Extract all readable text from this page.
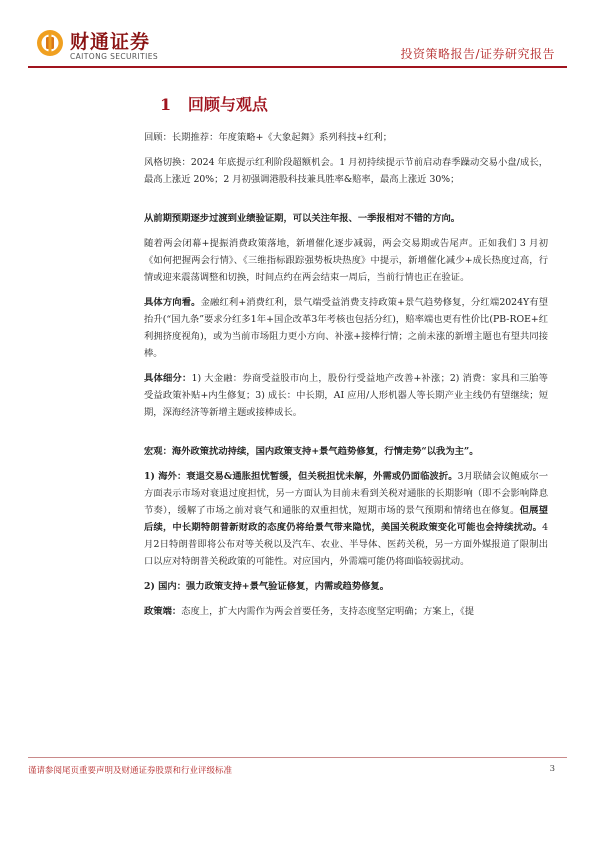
财通证券
CAITONG SECURITIES	投资策略报告/证券研究报告
1 回顾与观点

回顾：长期推荐：年度策略+《大象起舞》系列科技+红利；

风格切换：2024 年底提示红利阶段超额机会。1 月初持续提示节前启动春季躁动交易小盘/成长，最高上涨近 20%；2 月初强调港股科技兼具胜率&赔率，最高上涨近 30%；

从前期预期逐步过渡到业绩验证期，可以关注年报、一季报相对不错的方向。

随着两会闭幕+提振消费政策落地，新增催化逐步减弱，两会交易期或告尾声。正如我们 3 月初《如何把握两会行情》、《三维指标跟踪强势板块热度》中提示，新增催化减少+成长热度过高，行情或迎来震荡调整和切换，时间点约在两会结束一周后，当前行情也正在验证。

具体方向看。金融红利+消费红利，景气端受益消费支持政策+景气趋势修复，分红端2024Y有望抬升(“国九条”要求分红多1年+国企改革3年考核也包括分红)，赔率端也更有性价比(PB-ROE+红利拥挤度视角)，或为当前市场阻力更小方向、补涨+接棒行情；之前未涨的新增主题也有望共同接棒。

具体细分：1) 大金融：券商受益股市向上，股份行受益地产改善+补涨；2) 消费：家具和三胎等受益政策补贴+内生修复；3) 成长：中长期，AI 应用/人形机器人等长期产业主线仍有望继续；短期，深海经济等新增主题或接棒成长。

宏观：海外政策扰动持续，国内政策支持+景气趋势修复，行情走势“以我为主”。

1) 海外：衰退交易&通胀担忧暂缓，但关税担忧未解，外需或仍面临波折。3月联储会议鲍威尔一方面表示市场对衰退过度担忧，另一方面认为目前未看到关税对通胀的长期影响（即不会影响降息节奏），缓解了市场之前对衰气和通胀的双重担忧，短期市场的景气预期和情绪也在修复。但展望后续，中长期特朗普新财政的态度仍将给景气带来隐忧，美国关税政策变化可能也会持续扰动。4月2日特朗普即将公布对等关税以及汽车、农业、半导体、医药关税，另一方面外媒报道了限制出口以应对特朗普关税政策的可能性。对应国内，外需端可能仍将面临较弱扰动。

2) 国内：强力政策支持+景气验证修复，内需或趋势修复。

政策端：态度上，扩大内需作为两会首要任务，支持态度坚定明确；方案上，《提

谨请参阅尾页重要声明及财通证券股票和行业评级标准	3
